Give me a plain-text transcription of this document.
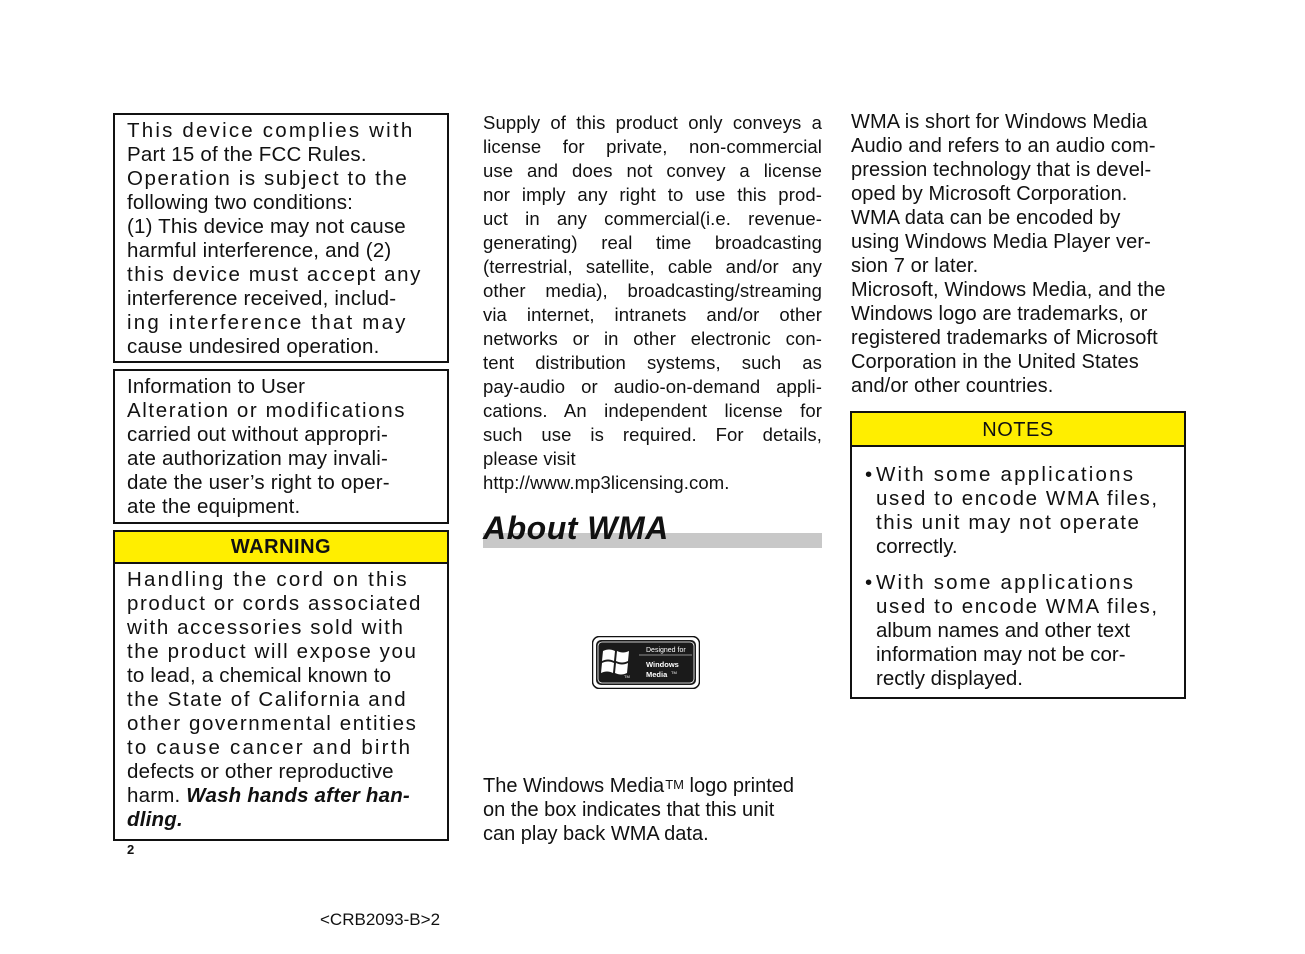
This device complies with
Part 15 of the FCC Rules.
Operation is subject to the
following two conditions:
(1) This device may not cause
harmful interference, and (2)
this device must accept any
interference received, includ-
ing interference that may
cause undesired operation.
Information to User
Alteration or modifications
carried out without appropri-
ate authorization may invali-
date the user’s right to oper-
ate the equipment.
WARNING
Handling the cord on this
product or cords associated
with accessories sold with
the product will expose you
to lead, a chemical known to
the State of California and
other governmental entities
to cause cancer and birth
defects or other reproductive
harm. Wash hands after han-
dling.
2
<CRB2093-B>2
Supply of this product only conveys a
license for private, non-commercial
use and does not convey a license
nor imply any right to use this prod-
uct in any commercial(i.e. revenue-
generating) real time broadcasting
(terrestrial, satellite, cable and/or any
other media), broadcasting/streaming
via internet, intranets and/or other
networks or in other electronic con-
tent distribution systems, such as
pay-audio or audio-on-demand appli-
cations. An independent license for
such use is required. For details,
please visit
http://www.mp3licensing.com.
About WMA
Designed for
Windows
Media TM
TM
The Windows Media™ logo printed
on the box indicates that this unit
can play back WMA data.
WMA is short for Windows Media
Audio and refers to an audio com-
pression technology that is devel-
oped by Microsoft Corporation.
WMA data can be encoded by
using Windows Media Player ver-
sion 7 or later.
Microsoft, Windows Media, and the
Windows logo are trademarks, or
registered trademarks of Microsoft
Corporation in the United States
and/or other countries.
NOTES
• With some applications
used to encode WMA files,
this unit may not operate
correctly.
• With some applications
used to encode WMA files,
album names and other text
information may not be cor-
rectly displayed.
